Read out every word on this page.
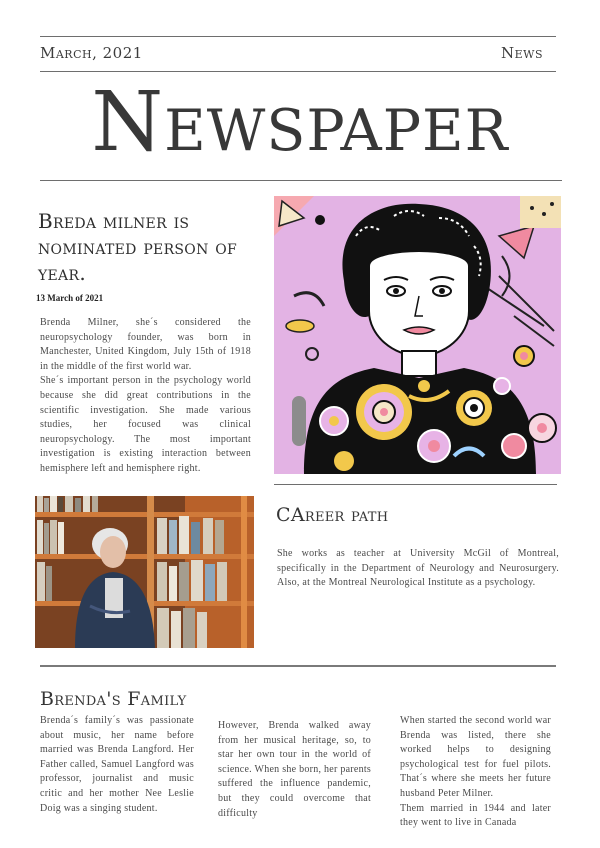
March, 2021	News
Newspaper
Breda milner is nominated person of year.
13 March of 2021

Brenda Milner, she´s considered the neuropsychology founder, was born in Manchester, United Kingdom, July 15th of 1918 in the middle of the first world war.

She´s important person in the psychology world because she did great contributions in the scientific investigation. She made various studies, her focused was clinical neuropsychology. The most important investigation is existing interaction between hemisphere left and hemisphere right.

CAreer path
She works as teacher at University McGil of Montreal, specifically in the Department of Neurology and Neurosurgery. Also, at the Montreal Neurological Institute as a psychology.
Brenda's Family
Brenda´s family´s was passionate about music, her name before married was Brenda Langford. Her Father called, Samuel Langford was professor, journalist and music critic and her mother Nee Leslie Doig was a singing student.
However, Brenda walked away from her musical heritage, so, to star her own tour in the world of science. When she born, her parents suffered the influence pandemic, but they could overcome that difficulty

When started the second world war Brenda was listed, there she worked helps to designing psychological test for fuel pilots. That´s where she meets her future husband Peter Milner.

Them married in 1944 and later they went to live in Canada
